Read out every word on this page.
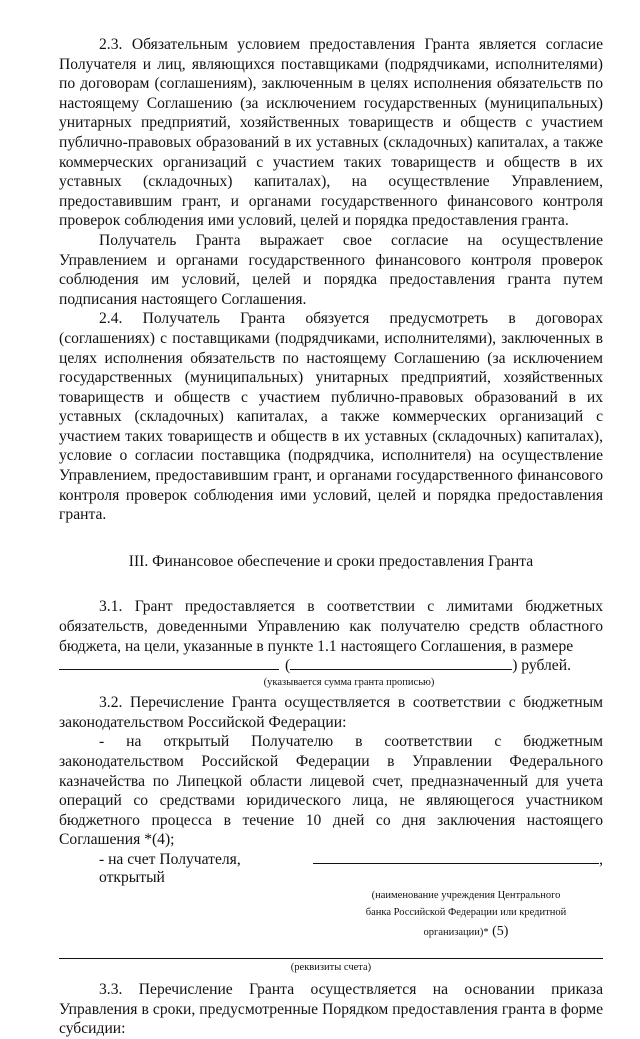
2.3. Обязательным условием предоставления Гранта является согласие Получателя и лиц, являющихся поставщиками (подрядчиками, исполнителями) по договорам (соглашениям), заключенным в целях исполнения обязательств по настоящему Соглашению (за исключением государственных (муниципальных) унитарных предприятий, хозяйственных товариществ и обществ с участием публично-правовых образований в их уставных (складочных) капиталах, а также коммерческих организаций с участием таких товариществ и обществ в их уставных (складочных) капиталах), на осуществление Управлением, предоставившим грант, и органами государственного финансового контроля проверок соблюдения ими условий, целей и порядка предоставления гранта.

Получатель Гранта выражает свое согласие на осуществление Управлением и органами государственного финансового контроля проверок соблюдения им условий, целей и порядка предоставления гранта путем подписания настоящего Соглашения.

2.4. Получатель Гранта обязуется предусмотреть в договорах (соглашениях) с поставщиками (подрядчиками, исполнителями), заключенных в целях исполнения обязательств по настоящему Соглашению (за исключением государственных (муниципальных) унитарных предприятий, хозяйственных товариществ и обществ с участием публично-правовых образований в их уставных (складочных) капиталах, а также коммерческих организаций с участием таких товариществ и обществ в их уставных (складочных) капиталах), условие о согласии поставщика (подрядчика, исполнителя) на осуществление Управлением, предоставившим грант, и органами государственного финансового контроля проверок соблюдения ими условий, целей и порядка предоставления гранта.

III. Финансовое обеспечение и сроки предоставления Гранта

3.1. Грант предоставляется в соответствии с лимитами бюджетных обязательств, доведенными Управлению как получателю средств областного бюджета, на цели, указанные в пункте 1.1 настоящего Соглашения, в размере

(	) рублей.
(указывается сумма гранта прописью)

3.2. Перечисление Гранта осуществляется в соответствии с бюджетным законодательством Российской Федерации:

- на открытый Получателю в соответствии с бюджетным законодательством Российской Федерации в Управлении Федерального казначейства по Липецкой области лицевой счет, предназначенный для учета операций со средствами юридического лица, не являющегося участником бюджетного процесса в течение 10 дней со дня заключения настоящего Соглашения *(4);

- на счет Получателя, открытый
,
(наименование учреждения Центрального
банка Российской Федерации или кредитной
организации)* (5)
(реквизиты счета)

3.3. Перечисление Гранта осуществляется на основании приказа Управления в сроки, предусмотренные Порядком предоставления гранта в форме субсидии:
